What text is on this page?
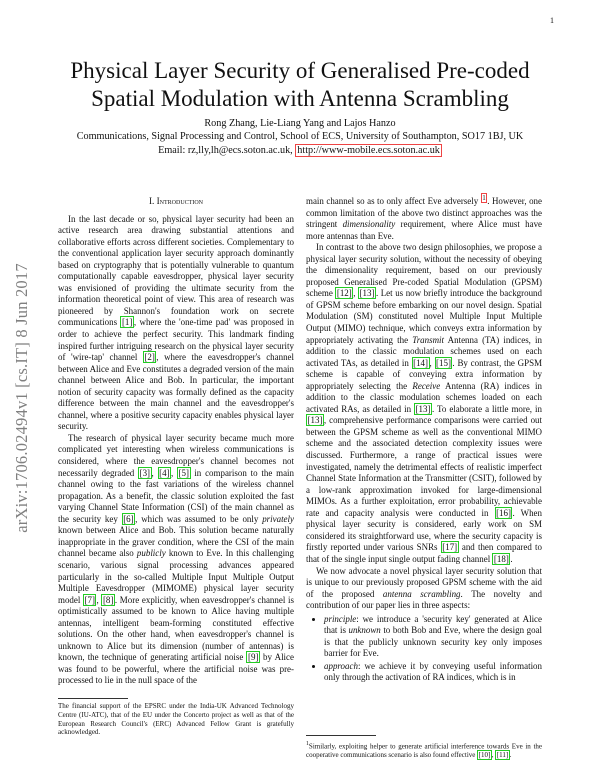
1
arXiv:1706.02494v1 [cs.IT] 8 Jun 2017
Physical Layer Security of Generalised Pre-coded Spatial Modulation with Antenna Scrambling
Rong Zhang, Lie-Liang Yang and Lajos Hanzo
Communications, Signal Processing and Control, School of ECS, University of Southampton, SO17 1BJ, UK
Email: rz,lly,lh@ecs.soton.ac.uk, http://www-mobile.ecs.soton.ac.uk
I. Introduction

In the last decade or so, physical layer security had been an active research area drawing substantial attentions and collaborative efforts across different societies. Complementary to the conventional application layer security approach dominantly based on cryptography that is potentially vulnerable to quantum computationally capable eavesdropper, physical layer security was envisioned of providing the ultimate security from the information theoretical point of view. This area of research was pioneered by Shannon's foundation work on secrete communications [1] , where the 'one-time pad' was proposed in order to achieve the perfect security. This landmark finding inspired further intriguing research on the physical layer security of 'wire-tap' channel [2] , where the eavesdropper's channel between Alice and Eve constitutes a degraded version of the main channel between Alice and Bob. In particular, the important notion of security capacity was formally defined as the capacity difference between the main channel and the eavesdropper's channel, where a positive security capacity enables physical layer security.

The research of physical layer security became much more complicated yet interesting when wireless communications is considered, where the eavesdropper's channel becomes not necessarily degraded [3] , [4] , [5] in comparison to the main channel owing to the fast variations of the wireless channel propagation. As a benefit, the classic solution exploited the fast varying Channel State Information (CSI) of the main channel as the security key [6] , which was assumed to be only privately known between Alice and Bob. This solution became naturally inappropriate in the graver condition, where the CSI of the main channel became also publicly known to Eve. In this challenging scenario, various signal processing advances appeared particularly in the so-called Multiple Input Multiple Output Multiple Eavesdropper (MIMOME) physical layer security model [7] , [8] . More explicitly, when eavesdropper's channel is optimistically assumed to be known to Alice having multiple antennas, intelligent beam-forming constituted effective solutions. On the other hand, when eavesdropper's channel is unknown to Alice but its dimension (number of antennas) is known, the technique of generating artificial noise [9] by Alice was found to be powerful, where the artificial noise was pre-processed to lie in the null space of the

main channel so as to only affect Eve adversely $^1$ . However, one common limitation of the above two distinct approaches was the stringent dimensionality requirement, where Alice must have more antennas than Eve.

In contrast to the above two design philosophies, we propose a physical layer security solution, without the necessity of obeying the dimensionality requirement, based on our previously proposed Generalised Pre-coded Spatial Modulation (GPSM) scheme [12] , [13] . Let us now briefly introduce the background of GPSM scheme before embarking on our novel design. Spatial Modulation (SM) constituted novel Multiple Input Multiple Output (MIMO) technique, which conveys extra information by appropriately activating the Transmit Antenna (TA) indices, in addition to the classic modulation schemes used on each activated TAs, as detailed in [14] , [15] . By contrast, the GPSM scheme is capable of conveying extra information by appropriately selecting the Receive Antenna (RA) indices in addition to the classic modulation schemes loaded on each activated RAs, as detailed in [13] . To elaborate a little more, in [13] , comprehensive performance comparisons were carried out between the GPSM scheme as well as the conventional MIMO scheme and the associated detection complexity issues were discussed. Furthermore, a range of practical issues were investigated, namely the detrimental effects of realistic imperfect Channel State Information at the Transmitter (CSIT), followed by a low-rank approximation invoked for large-dimensional MIMOs. As a further exploitation, error probability, achievable rate and capacity analysis were conducted in [16] . When physical layer security is considered, early work on SM considered its straightforward use, where the security capacity is firstly reported under various SNRs [17] and then compared to that of the single input single output fading channel [18] .

We now advocate a novel physical layer security solution that is unique to our previously proposed GPSM scheme with the aid of the proposed antenna scrambling. The novelty and contribution of our paper lies in three aspects:

• principle: we introduce a 'security key' generated at Alice that is unknown to both Bob and Eve, where the design goal is that the publicly unknown security key only imposes barrier for Eve.
• approach: we achieve it by conveying useful information only through the activation of RA indices, which is in
The financial support of the EPSRC under the India-UK Advanced Technology Centre (IU-ATC), that of the EU under the Concerto project as well as that of the European Research Council's (ERC) Advanced Fellow Grant is gratefully acknowledged.
$^1$Similarly, exploiting helper to generate artificial interference towards Eve in the cooperative communications scenario is also found effective [10] , [11] .
